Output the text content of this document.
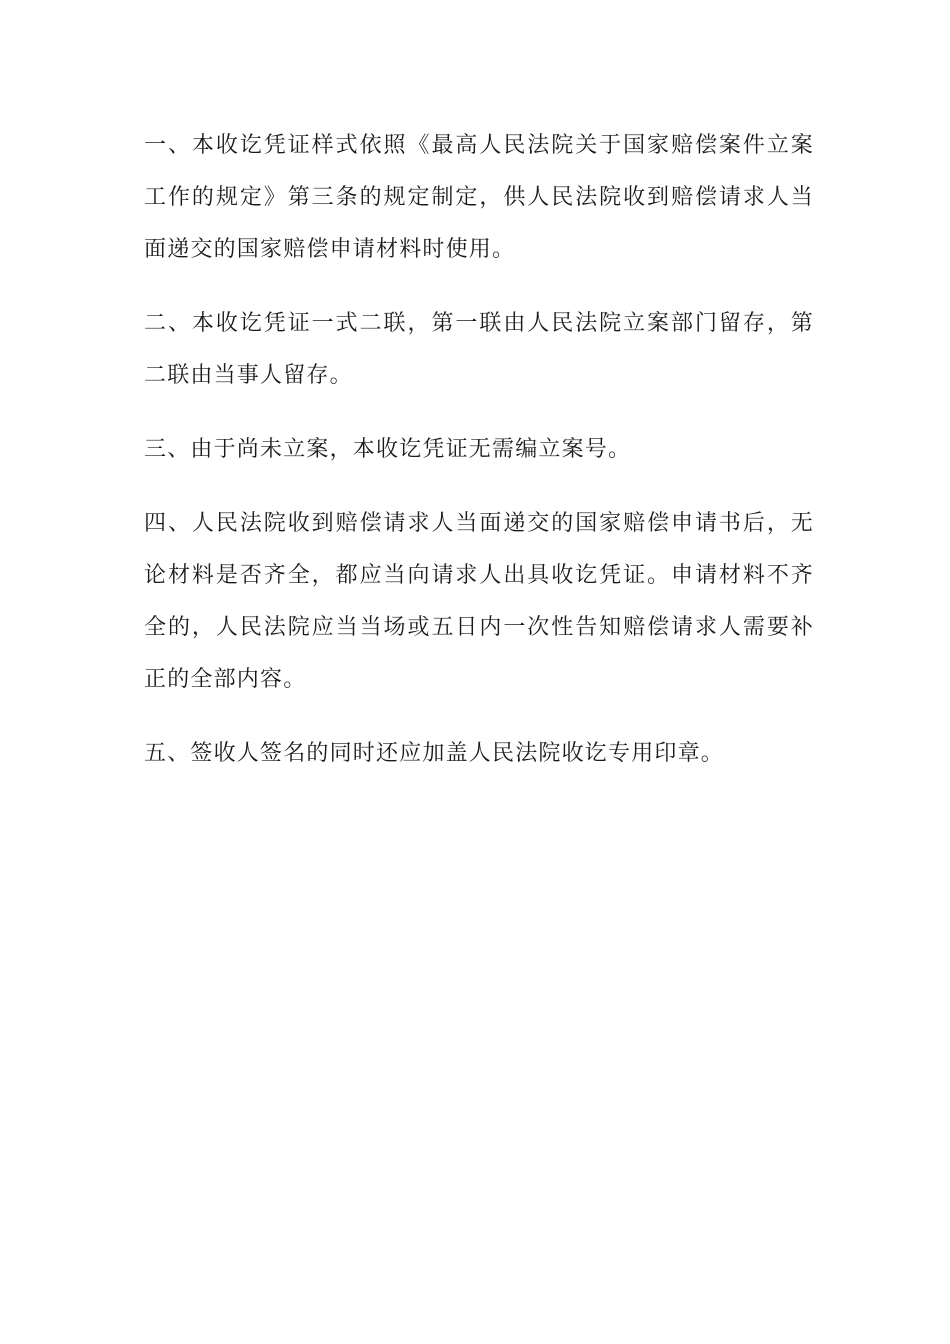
一、本收讫凭证样式依照《最高人民法院关于国家赔偿案件立案工作的规定》第三条的规定制定，供人民法院收到赔偿请求人当面递交的国家赔偿申请材料时使用。

二、本收讫凭证一式二联，第一联由人民法院立案部门留存，第二联由当事人留存。

三、由于尚未立案，本收讫凭证无需编立案号。

四、人民法院收到赔偿请求人当面递交的国家赔偿申请书后，无论材料是否齐全，都应当向请求人出具收讫凭证。申请材料不齐全的，人民法院应当当场或五日内一次性告知赔偿请求人需要补正的全部内容。

五、签收人签名的同时还应加盖人民法院收讫专用印章。
